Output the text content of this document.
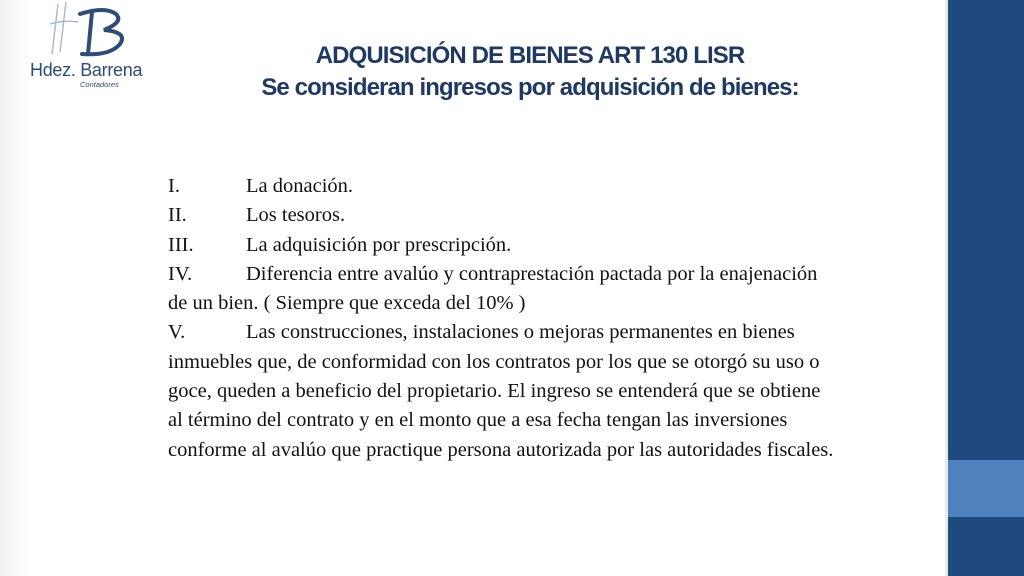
Hdez. Barrena
Contadores
ADQUISICIÓN DE BIENES ART 130 LISR
Se consideran ingresos por adquisición de bienes:

I.	La donación.

II.	Los tesoros.

III.	La adquisición por prescripción.

IV.	Diferencia entre avalúo y contraprestación pactada por la enajenación de un bien. ( Siempre que exceda del 10% )

V.	Las construcciones, instalaciones o mejoras permanentes en bienes inmuebles que, de conformidad con los contratos por los que se otorgó su uso o goce, queden a beneficio del propietario. El ingreso se entenderá que se obtiene al término del contrato y en el monto que a esa fecha tengan las inversiones conforme al avalúo que practique persona autorizada por las autoridades fiscales.
